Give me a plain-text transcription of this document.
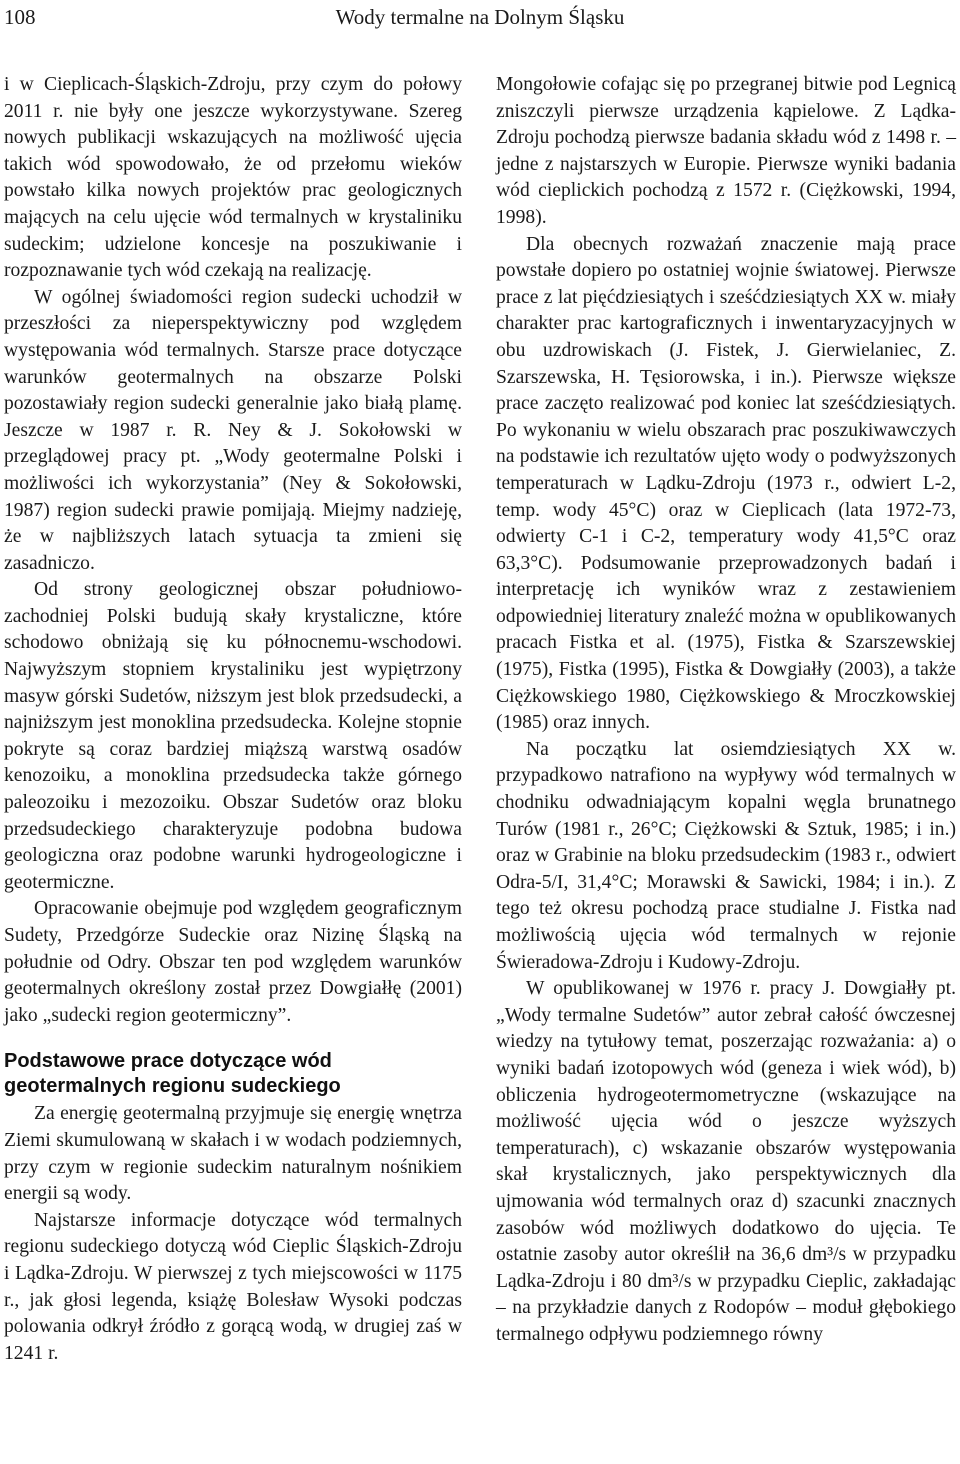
108	Wody termalne na Dolnym Śląsku

i w Cieplicach-Śląskich-Zdroju, przy czym do połowy 2011 r. nie były one jeszcze wykorzystywane. Szereg nowych publikacji wskazujących na możliwość ujęcia takich wód spowodowało, że od przełomu wieków powstało kilka nowych projektów prac geologicznych mających na celu ujęcie wód termalnych w krystaliniku sudeckim; udzielone koncesje na poszukiwanie i rozpoznawanie tych wód czekają na realizację.

W ogólnej świadomości region sudecki uchodził w przeszłości za nieperspektywiczny pod względem występowania wód termalnych. Starsze prace dotyczące warunków geotermalnych na obszarze Polski pozostawiały region sudecki generalnie jako białą plamę. Jeszcze w 1987 r. R. Ney & J. Sokołowski w przeglądowej pracy pt. „Wody geotermalne Polski i możliwości ich wykorzystania” (Ney & Sokołowski, 1987) region sudecki prawie pomijają. Miejmy nadzieję, że w najbliższych latach sytuacja ta zmieni się zasadniczo.

Od strony geologicznej obszar południowo-zachodniej Polski budują skały krystaliczne, które schodowo obniżają się ku północnemu-wschodowi. Najwyższym stopniem krystaliniku jest wypiętrzony masyw górski Sudetów, niższym jest blok przedsudecki, a najniższym jest monoklina przedsudecka. Kolejne stopnie pokryte są coraz bardziej miąższą warstwą osadów kenozoiku, a monoklina przedsudecka także górnego paleozoiku i mezozoiku. Obszar Sudetów oraz bloku przedsudeckiego charakteryzuje podobna budowa geologiczna oraz podobne warunki hydrogeologiczne i geotermiczne.

Opracowanie obejmuje pod względem geograficznym Sudety, Przedgórze Sudeckie oraz Nizinę Śląską na południe od Odry. Obszar ten pod względem warunków geotermalnych określony został przez Dowgiałłę (2001) jako „sudecki region geotermiczny”.

Podstawowe prace dotyczące wód geotermalnych regionu sudeckiego

Za energię geotermalną przyjmuje się energię wnętrza Ziemi skumulowaną w skałach i w wodach podziemnych, przy czym w regionie sudeckim naturalnym nośnikiem energii są wody.

Najstarsze informacje dotyczące wód termalnych regionu sudeckiego dotyczą wód Cieplic Śląskich-Zdroju i Lądka-Zdroju. W pierwszej z tych miejscowości w 1175 r., jak głosi legenda, książę Bolesław Wysoki podczas polowania odkrył źródło z gorącą wodą, w drugiej zaś w 1241 r.

Mongołowie cofając się po przegranej bitwie pod Legnicą zniszczyli pierwsze urządzenia kąpielowe. Z Lądka-Zdroju pochodzą pierwsze badania składu wód z 1498 r. – jedne z najstarszych w Europie. Pierwsze wyniki badania wód cieplickich pochodzą z 1572 r. (Ciężkowski, 1994, 1998).

Dla obecnych rozważań znaczenie mają prace powstałe dopiero po ostatniej wojnie światowej. Pierwsze prace z lat pięćdziesiątych i sześćdziesiątych XX w. miały charakter prac kartograficznych i inwentaryzacyjnych w obu uzdrowiskach (J. Fistek, J. Gierwielaniec, Z. Szarszewska, H. Tęsiorowska, i in.). Pierwsze większe prace zaczęto realizować pod koniec lat sześćdziesiątych. Po wykonaniu w wielu obszarach prac poszukiwawczych na podstawie ich rezultatów ujęto wody o podwyższonych temperaturach w Lądku-Zdroju (1973 r., odwiert L-2, temp. wody 45°C) oraz w Cieplicach (lata 1972-73, odwierty C-1 i C-2, temperatury wody 41,5°C oraz 63,3°C). Podsumowanie przeprowadzonych badań i interpretację ich wyników wraz z zestawieniem odpowiedniej literatury znaleźć można w opublikowanych pracach Fistka et al. (1975), Fistka & Szarszewskiej (1975), Fistka (1995), Fistka & Dowgiałły (2003), a także Ciężkowskiego 1980, Ciężkowskiego & Mroczkowskiej (1985) oraz innych.

Na początku lat osiemdziesiątych XX w. przypadkowo natrafiono na wypływy wód termalnych w chodniku odwadniającym kopalni węgla brunatnego Turów (1981 r., 26°C; Ciężkowski & Sztuk, 1985; i in.) oraz w Grabinie na bloku przedsudeckim (1983 r., odwiert Odra-5/I, 31,4°C; Morawski & Sawicki, 1984; i in.). Z tego też okresu pochodzą prace studialne J. Fistka nad możliwością ujęcia wód termalnych w rejonie Świeradowa-Zdroju i Kudowy-Zdroju.

W opublikowanej w 1976 r. pracy J. Dowgiałły pt. „Wody termalne Sudetów” autor zebrał całość ówczesnej wiedzy na tytułowy temat, poszerzając rozważania: a) o wyniki badań izotopowych wód (geneza i wiek wód), b) obliczenia hydrogeotermometryczne (wskazujące na możliwość ujęcia wód o jeszcze wyższych temperaturach), c) wskazanie obszarów występowania skał krystalicznych, jako perspektywicznych dla ujmowania wód termalnych oraz d) szacunki znacznych zasobów wód możliwych dodatkowo do ujęcia. Te ostatnie zasoby autor określił na 36,6 dm³/s w przypadku Lądka-Zdroju i 80 dm³/s w przypadku Cieplic, zakładając – na przykładzie danych z Rodopów – moduł głębokiego termalnego odpływu podziemnego równy
